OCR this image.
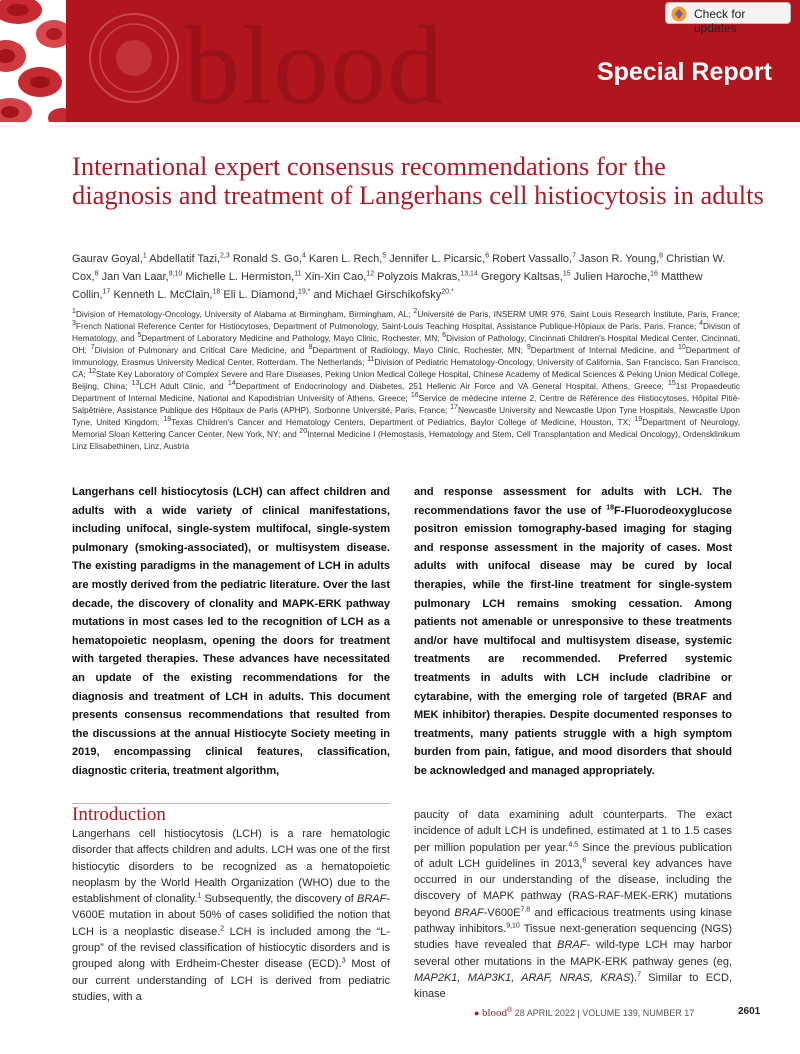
blood	Special Report
Check for updates
International expert consensus recommendations for the diagnosis and treatment of Langerhans cell histiocytosis in adults
Gaurav Goyal,$^1$ Abdellatif Tazi,$^{2,3}$ Ronald S. Go,$^4$ Karen L. Rech,$^5$ Jennifer L. Picarsic,$^6$ Robert Vassallo,$^7$ Jason R. Young,$^8$ Christian W. Cox,$^8$ Jan Van Laar,$^{9,10}$ Michelle L. Hermiston,$^{11}$ Xin-Xin Cao,$^{12}$ Polyzois Makras,$^{13,14}$ Gregory Kaltsas,$^{15}$ Julien Haroche,$^{16}$ Matthew Collin,$^{17}$ Kenneth L. McClain,$^{18}$ Eli L. Diamond,$^{19,*}$ and Michael Girschikofsky$^{20,*}$
$^1$Division of Hematology-Oncology, University of Alabama at Birmingham, Birmingham, AL; $^2$Université de Paris, INSERM UMR 976, Saint Louis Research Institute, Paris, France; $^3$French National Reference Center for Histiocytoses, Department of Pulmonology, Saint-Louis Teaching Hospital, Assistance Publique-Hôpiaux de Paris, Paris, France; $^4$Divison of Hematology, and $^5$Department of Laboratory Medicine and Pathology, Mayo Clinic, Rochester, MN; $^6$Division of Pathology, Cincinnati Children's Hospital Medical Center, Cincinnati, OH; $^7$Division of Pulmonary and Critical Care Medicine, and $^8$Department of Radiology, Mayo Clinic, Rochester, MN; $^9$Department of Internal Medicine, and $^{10}$Department of Immunology, Erasmus University Medical Center, Rotterdam. The Netherlands; $^{11}$Division of Pediatric Hematology-Oncology, University of California, San Francisco, San Francisco, CA; $^{12}$State Key Laboratory of Complex Severe and Rare Diseases, Peking Union Medical College Hospital, Chinese Academy of Medical Sciences & Peking Union Medical College, Beijing, China; $^{13}$LCH Adult Clinic, and $^{14}$Department of Endocrinology and Diabetes, 251 Hellenic Air Force and VA General Hospital, Athens, Greece; $^{15}$1st Propaedeutic Department of Internal Medicine, National and Kapodistrian University of Athens, Greece; $^{16}$Service de médecine interne 2, Centre de Référence des Histiocytoses, Hôpital Pitié-Salpêtrière, Assistance Publique des Hôpitaux de Paris (APHP), Sorbonne Université, Paris, France; $^{17}$Newcastle University and Newcastle Upon Tyne Hospitals, Newcastle Upon Tyne, United Kingdom; $^{18}$Texas Children's Cancer and Hematology Centers, Department of Pediatrics, Baylor College of Medicine, Houston, TX; $^{19}$Department of Neurology, Memorial Sloan Kettering Cancer Center, New York, NY; and $^{20}$Internal Medicine I (Hemostasis, Hematology and Stem, Cell Transplantation and Medical Oncology), Ordensklinikum Linz Elisabethinen, Linz, Austria
Langerhans cell histiocytosis (LCH) can affect children and adults with a wide variety of clinical manifestations, including unifocal, single-system multifocal, single-system pulmonary (smoking-associated), or multisystem disease. The existing paradigms in the management of LCH in adults are mostly derived from the pediatric literature. Over the last decade, the discovery of clonality and MAPK-ERK pathway mutations in most cases led to the recognition of LCH as a hematopoietic neoplasm, opening the doors for treatment with targeted therapies. These advances have necessitated an update of the existing recommendations for the diagnosis and treatment of LCH in adults. This document presents consensus recommendations that resulted from the discussions at the annual Histiocyte Society meeting in 2019, encompassing clinical features, classification, diagnostic criteria, treatment algorithm,
and response assessment for adults with LCH. The recommendations favor the use of $^{18}$F-Fluorodeoxyglucose positron emission tomography-based imaging for staging and response assessment in the majority of cases. Most adults with unifocal disease may be cured by local therapies, while the first-line treatment for single-system pulmonary LCH remains smoking cessation. Among patients not amenable or unresponsive to these treatments and/or have multifocal and multisystem disease, systemic treatments are recommended. Preferred systemic treatments in adults with LCH include cladribine or cytarabine, with the emerging role of targeted (BRAF and MEK inhibitor) therapies. Despite documented responses to treatments, many patients struggle with a high symptom burden from pain, fatigue, and mood disorders that should be acknowledged and managed appropriately.
Introduction

Langerhans cell histiocytosis (LCH) is a rare hematologic disorder that affects children and adults. LCH was one of the first histiocytic disorders to be recognized as a hematopoietic neoplasm by the World Health Organization (WHO) due to the establishment of clonality.$^1$ Subsequently, the discovery of BRAF-V600E mutation in about 50% of cases solidified the notion that LCH is a neoplastic disease.$^2$ LCH is included among the “L-group” of the revised classification of histiocytic disorders and is grouped along with Erdheim-Chester disease (ECD).$^3$ Most of our current understanding of LCH is derived from pediatric studies, with a

paucity of data examining adult counterparts. The exact incidence of adult LCH is undefined, estimated at 1 to 1.5 cases per million population per year.$^{4,5}$ Since the previous publication of adult LCH guidelines in 2013,$^6$ several key advances have occurred in our understanding of the disease, including the discovery of MAPK pathway (RAS-RAF-MEK-ERK) mutations beyond BRAF-$V600E^{7,8}$ and efficacious treatments using kinase pathway inhibitors.$^{9,10}$ Tissue next-generation sequencing (NGS) studies have revealed that BRAF- wild-type LCH may harbor several other mutations in the MAPK-ERK pathway genes (eg, MAP2K1, MAP3K1, ARAF, NRAS, KRAS).$^7$ Similar to ECD, kinase

● blood® 28 APRIL 2022 | VOLUME 139, NUMBER 17	2601
